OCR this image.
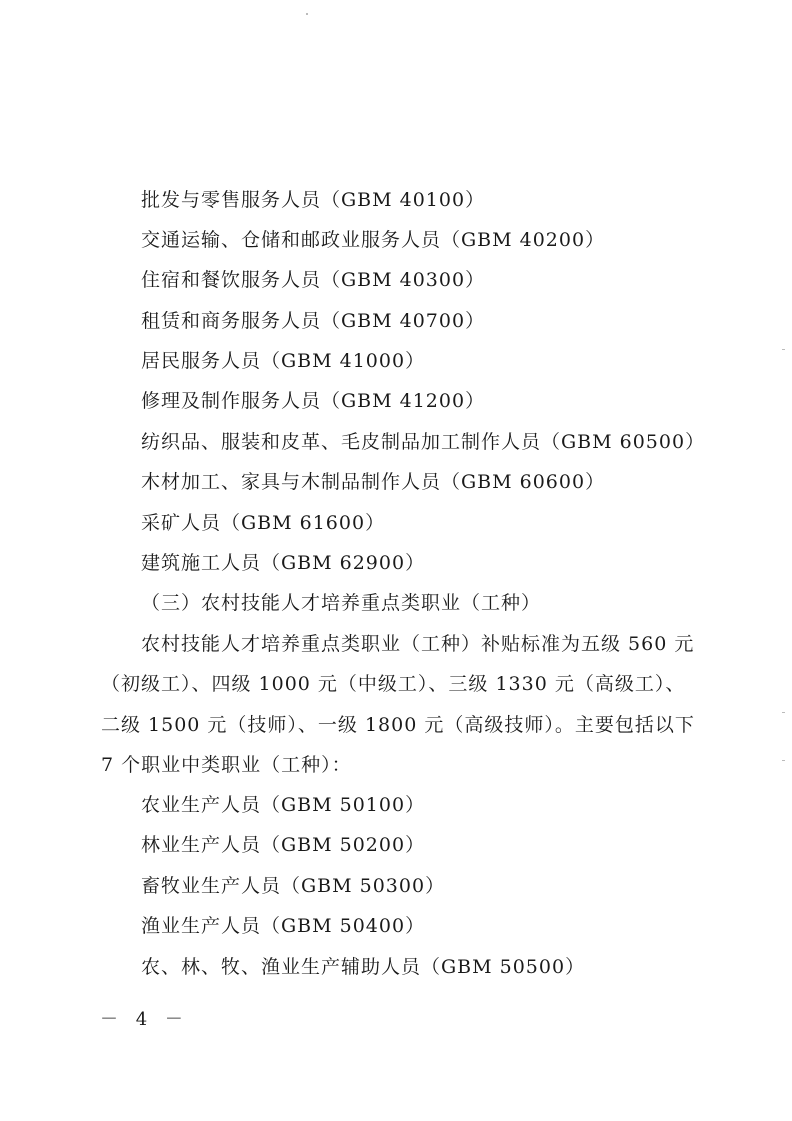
批发与零售服务人员（GBM 40100）
交通运输、仓储和邮政业服务人员（GBM 40200）
住宿和餐饮服务人员（GBM 40300）
租赁和商务服务人员（GBM 40700）
居民服务人员（GBM 41000）
修理及制作服务人员（GBM 41200）
纺织品、服装和皮革、毛皮制品加工制作人员（GBM 60500）
木材加工、家具与木制品制作人员（GBM 60600）
采矿人员（GBM 61600）
建筑施工人员（GBM 62900）
（三）农村技能人才培养重点类职业（工种）
农村技能人才培养重点类职业（工种）补贴标准为五级 560 元
（初级工）、四级 1000 元（中级工）、三级 1330 元（高级工）、
二级 1500 元（技师）、一级 1800 元（高级技师）。主要包括以下
7 个职业中类职业（工种）：
农业生产人员（GBM 50100）
林业生产人员（GBM 50200）
畜牧业生产人员（GBM 50300）
渔业生产人员（GBM 50400）
农、林、牧、渔业生产辅助人员（GBM 50500）
－ 4 －
